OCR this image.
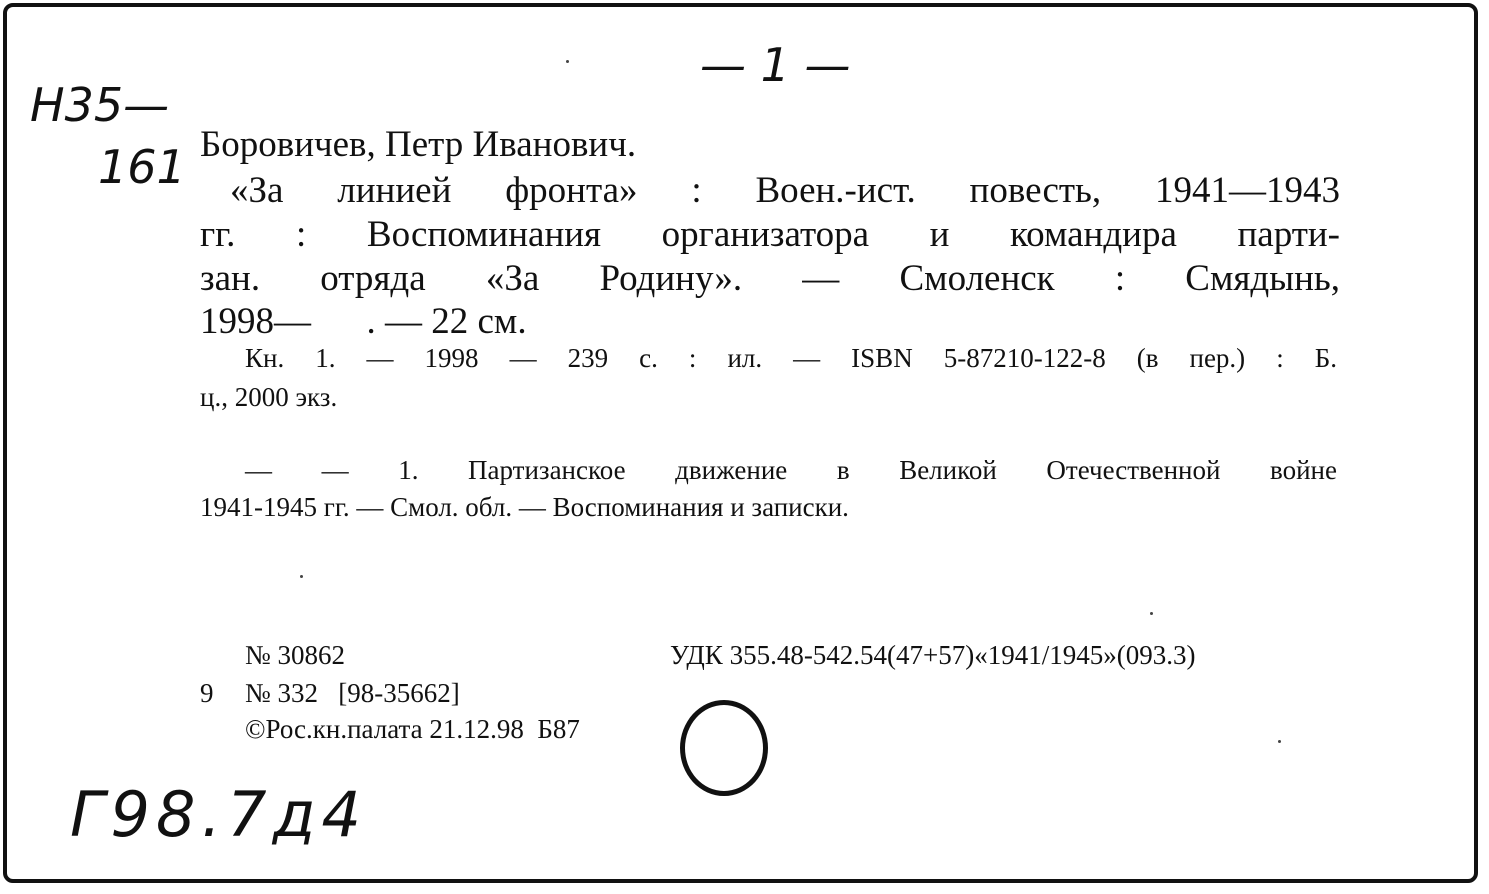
— 1 —
Н35—
161 Боровичев, Петр Иванович.
«За линией фронта» : Воен.-ист. повесть, 1941—1943
гг. : Воспоминания организатора и командира парти-
зан. отряда «За Родину». — Смоленск : Смядынь,
1998—      . — 22 см.
Кн. 1. — 1998 — 239 с. : ил. — ISBN 5-87210-122-8 (в пер.) : Б.
ц., 2000 экз.
— — 1. Партизанское движение в Великой Отечественной войне
1941-1945 гг. — Смол. обл. — Воспоминания и записки.
№ 30862	УДК 355.48-542.54(47+57)«1941/1945»(093.3)
9 № 332   [98-35662]
©Рос.кн.палата 21.12.98  Б87
Г98.7д4
